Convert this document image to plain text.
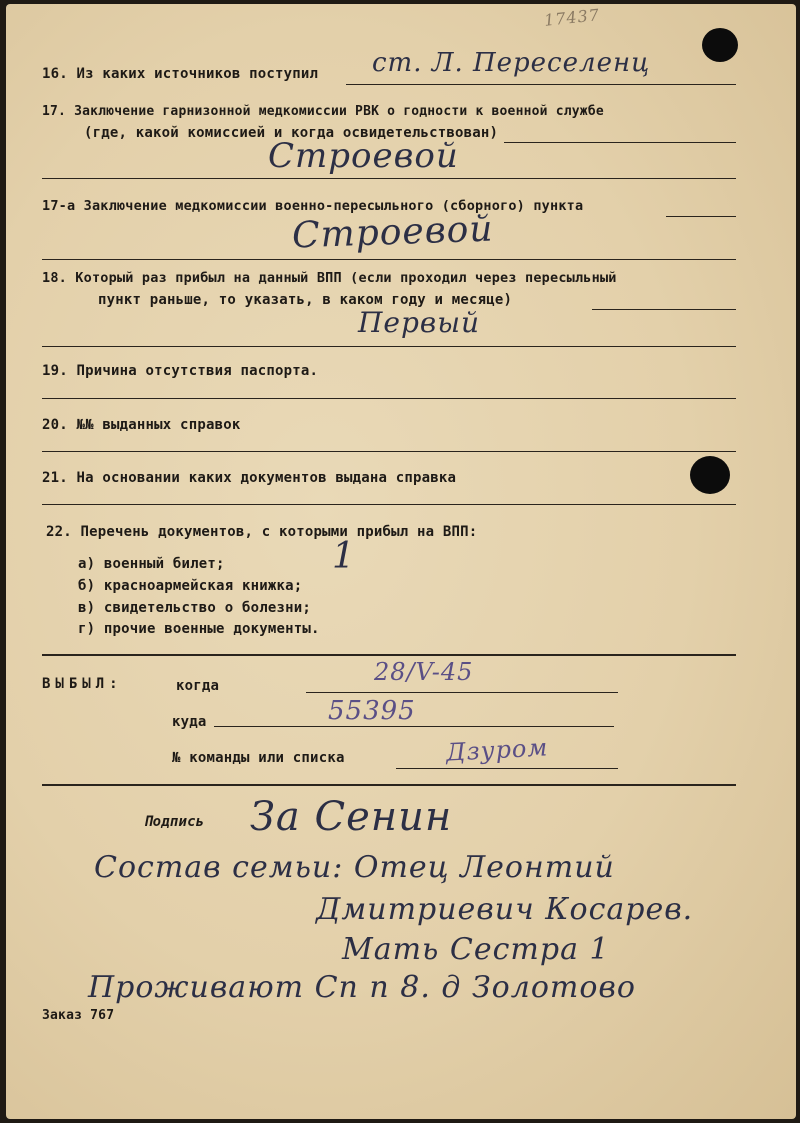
17437
16. Из каких источников поступил ст. Л. Переселенц
17. Заключение гарнизонной медкомиссии РВК о годности к военной службе
(где, какой комиссией и когда освидетельствован)
Строевой
17-а Заключение медкомиссии военно-пересыльного (сборного) пункта
Строевой
18. Который раз прибыл на данный ВПП (если проходил через пересыльный
пункт раньше, то указать, в каком году и месяце)
Первый
19. Причина отсутствия паспорта.
20. №№ выданных справок
21. На основании каких документов выдана справка
22. Перечень документов, с которыми прибыл на ВПП:
а) военный билет;	1
б) красноармейская книжка;
в) свидетельство о болезни;
г) прочие военные документы.
ВЫБЫЛ:	когда	28/V-45
куда	55395
№ команды или списка	Дзуром
Подпись За Сенин
Состав семьи: Отец Леонтий
Дмитриевич Косарев.
Мать Сестра 1
Проживают Сп п 8. д Золотово
Заказ 767
